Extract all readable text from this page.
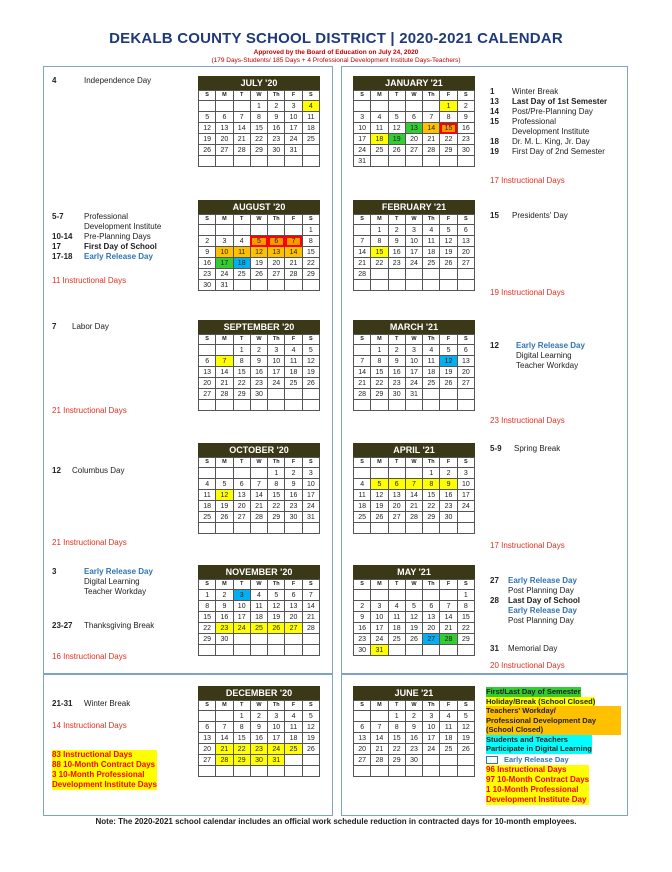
DEKALB COUNTY SCHOOL DISTRICT | 2020-2021 CALENDAR
Approved by the Board of Education on July 24, 2020
(179 Days-Students/ 185 Days + 4 Professional Development Institute Days-Teachers)
JULY '20
S	M	T	W	Th	F	S
			1	2	3	4
5	6	7	8	9	10	11
12	13	14	15	16	17	18
19	20	21	22	23	24	25
26	27	28	29	30	31	

AUGUST '20
S	M	T	W	Th	F	S
						1
2	3	4	5	6	7	8
9	10	11	12	13	14	15
16	17	18	19	20	21	22
23	24	25	26	27	28	29
30	31					
SEPTEMBER '20
S	M	T	W	Th	F	S
		1	2	3	4	5
6	7	8	9	10	11	12
13	14	15	16	17	18	19
20	21	22	23	24	25	26
27	28	29	30			

OCTOBER '20
S	M	T	W	Th	F	S
				1	2	3
4	5	6	7	8	9	10
11	12	13	14	15	16	17
18	19	20	21	22	23	24
25	26	27	28	29	30	31

NOVEMBER '20
S	M	T	W	Th	F	S
1	2	3	4	5	6	7
8	9	10	11	12	13	14
15	16	17	18	19	20	21
22	23	24	25	26	27	28
29	30					

DECEMBER '20
S	M	T	W	Th	F	S
		1	2	3	4	5
6	7	8	9	10	11	12
13	14	15	16	17	18	19
20	21	22	23	24	25	26
27	28	29	30	31		

JANUARY '21
S	M	T	W	Th	F	S
					1	2
3	4	5	6	7	8	9
10	11	12	13	14	15	16
17	18	19	20	21	22	23
24	25	26	27	28	29	30
31						
FEBRUARY '21
S	M	T	W	Th	F	S
	1	2	3	4	5	6
7	8	9	10	11	12	13
14	15	16	17	18	19	20
21	22	23	24	25	26	27
28						

MARCH '21
S	M	T	W	Th	F	S
	1	2	3	4	5	6
7	8	9	10	11	12	13
14	15	16	17	18	19	20
21	22	23	24	25	26	27
28	29	30	31			

APRIL '21
S	M	T	W	Th	F	S
				1	2	3
4	5	6	7	8	9	10
11	12	13	14	15	16	17
18	19	20	21	22	23	24
25	26	27	28	29	30	

MAY '21
S	M	T	W	Th	F	S
						1
2	3	4	5	6	7	8
9	10	11	12	13	14	15
16	17	18	19	20	21	22
23	24	25	26	27	28	29
30	31					
JUNE '21
S	M	T	W	Th	F	S
		1	2	3	4	5
6	7	8	9	10	11	12
13	14	15	16	17	18	19
20	21	22	23	24	25	26
27	28	29	30			

4	Independence Day
5-7	Professional
Development Institute
10-14 Pre-Planning Days
17	First Day of School
17-18 Early Release Day
11 Instructional Days
7 Labor Day
21 Instructional Days
12 Columbus Day
21 Instructional Days
3	Early Release Day
Digital Learning
Teacher Workday
23-27 Thanksgiving Break
16 Instructional Days
21-31 Winter Break
14 Instructional Days
83 Instructional Days
88 10-Month Contract Days
3 10-Month Professional
Development Institute Days
1 Winter Break
13 Last Day of 1st Semester
14 Post/Pre-Planning Day
15 Professional
Development Institute
18 Dr. M. L. King, Jr. Day
19 First Day of 2nd Semester
17 Instructional Days
15 Presidents' Day
19 Instructional Days
12 Early Release Day
Digital Learning
Teacher Workday
23 Instructional Days
5-9 Spring Break
17 Instructional Days
27 Early Release Day
Post Planning Day
28 Last Day of School
Early Release Day
Post Planning Day
31 Memorial Day
20 Instructional Days
First/Last Day of Semester Holiday/Break (School Closed)
Teachers' Workday/
Professional Development Day
(School Closed)
Students and Teachers
Participate in Digital Learning
Early Release Day
96 Instructional Days
97 10-Month Contract Days
1 10-Month Professional
Development Institute Day
Note: The 2020-2021 school calendar includes an official work schedule reduction in contracted days for 10-month employees.
